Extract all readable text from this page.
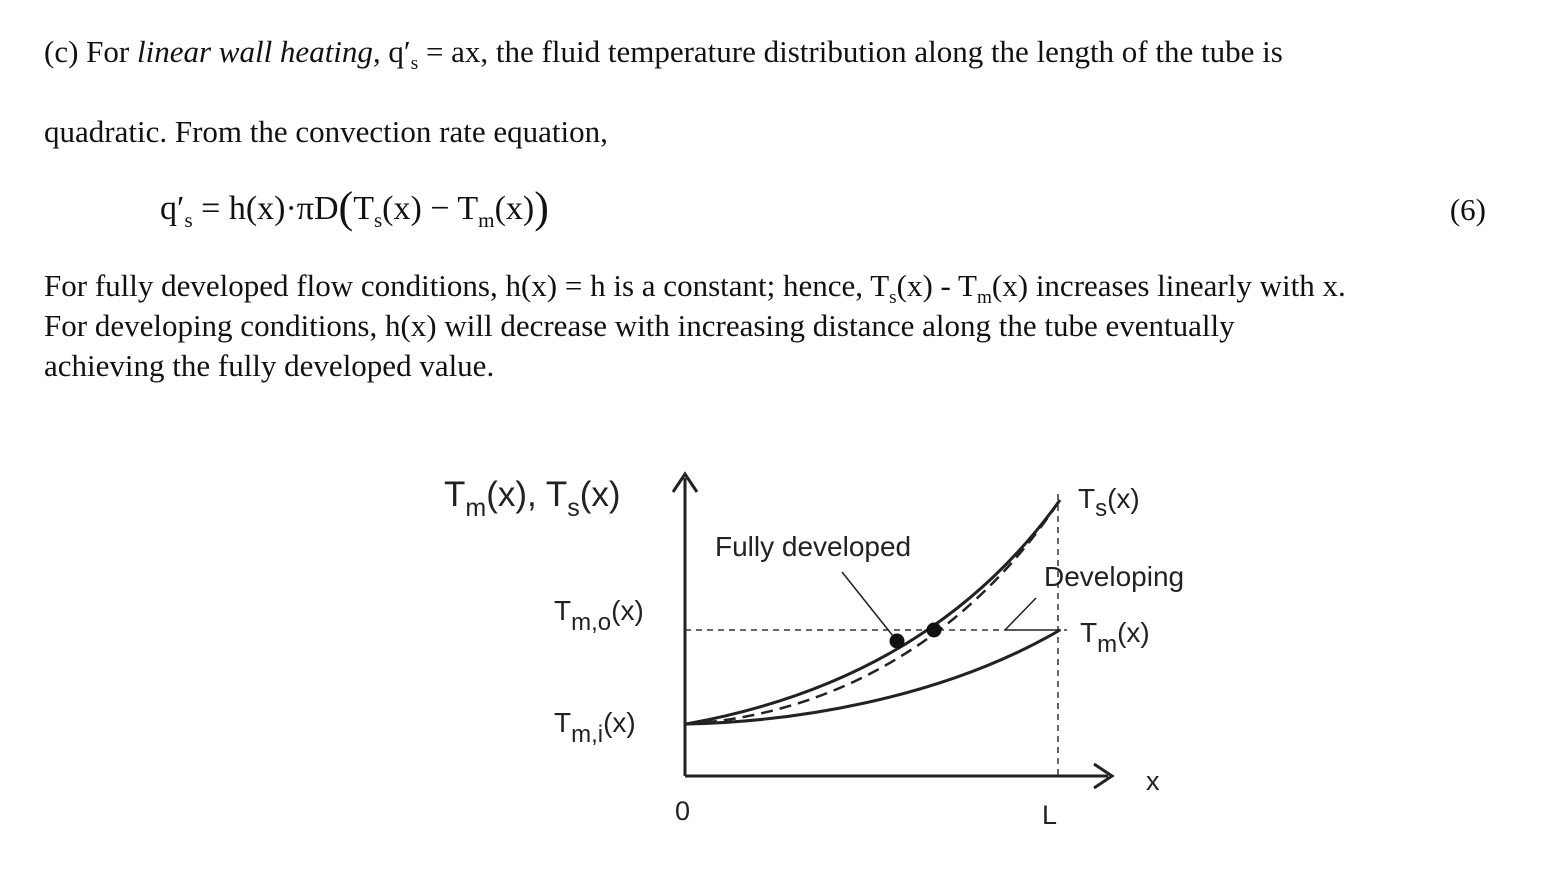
(c) For linear wall heating, $q'_s$ = ax, the fluid temperature distribution along the length of the tube is
quadratic. From the convection rate equation,
$q'_s = h(x)\cdot\pi D(T_s(x) - T_m(x))$	(6)
For fully developed flow conditions, h(x) = h is a constant; hence, $T_s(x) - T_m(x)$ increases linearly with x.
For developing conditions, h(x) will decrease with increasing distance along the tube eventually
achieving the fully developed value.
$T_m(x)$, $T_s(x)$
Tm,o(x)
Tm,i(x)
0	L
x
Ts(x)
Tm(x)
Fully developed
Developing
